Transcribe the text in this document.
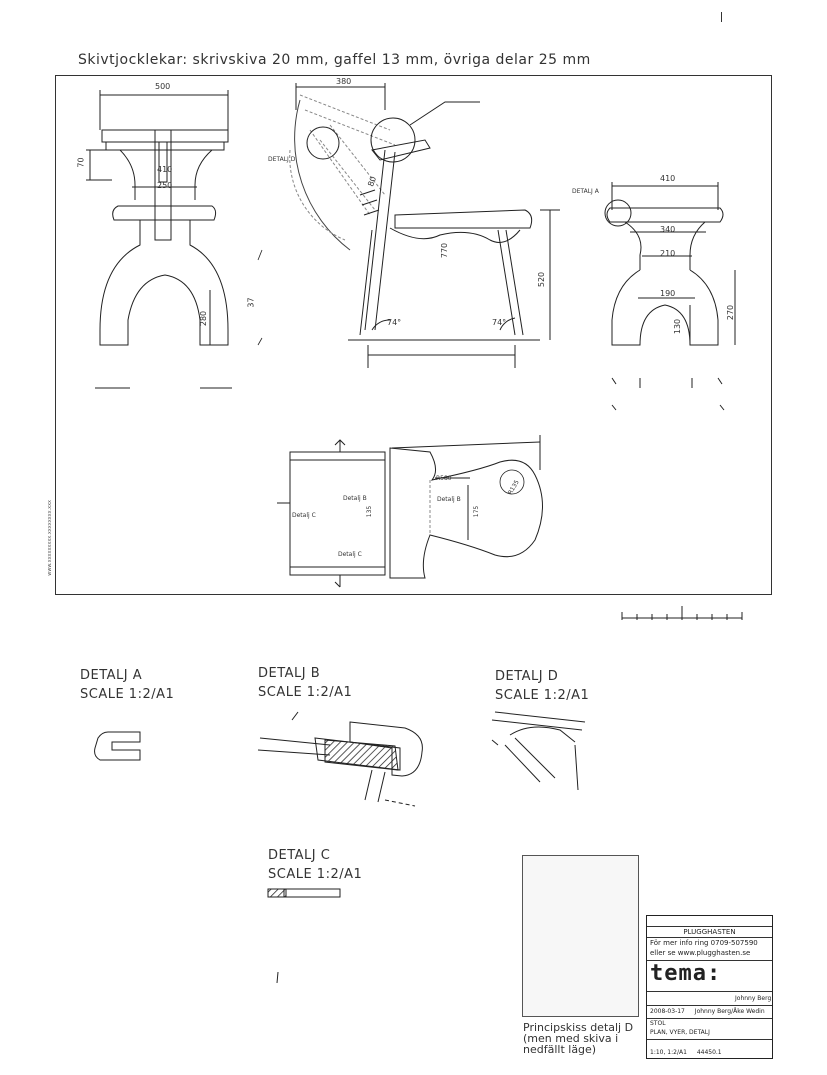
Skivtjocklekar: skrivskiva 20 mm, gaffel 13 mm, övriga delar 25 mm
www.xxxxxxxxx.xxxxxxxx.xxx
500
410
250
70
280
37
380
DETALJ D
770
520
74°	74°
80
DETALJ A
410
340
210
190
130
270
Detalj B	Detalj B
Detalj C
Detalj C
R580
R135
175
135
DETALJ A
SCALE 1:2/A1
DETALJ B
SCALE 1:2/A1
DETALJ D
SCALE 1:2/A1
DETALJ C
SCALE 1:2/A1
Principskiss detalj D
(men med skiva i
nedfällt läge)
PLUGGHASTEN
För mer info ring 0709-507590
eller se www.plugghasten.se
tema:
Johnny Berg
2008-03-17 Johnny Berg/Åke Wedin
STOL
PLAN, VYER, DETALJ
1:10, 1:2/A1 44450.1
